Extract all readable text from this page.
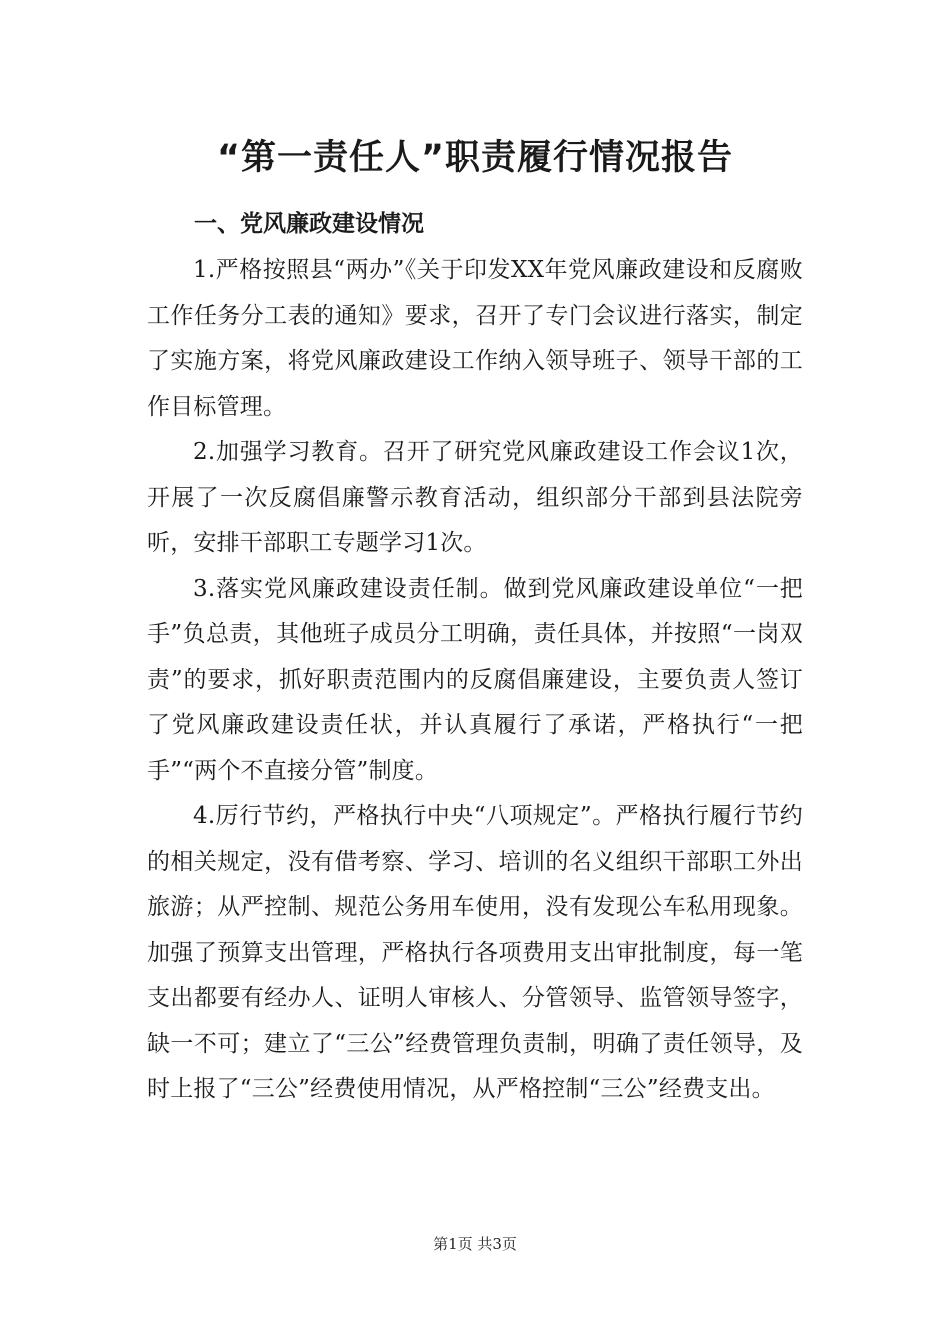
“第一责任人”职责履行情况报告
一、党风廉政建设情况

1.严格按照县“两办”《关于印发XX年党风廉政建设和反腐败工作任务分工表的通知》要求，召开了专门会议进行落实，制定了实施方案，将党风廉政建设工作纳入领导班子、领导干部的工作目标管理。

2.加强学习教育。召开了研究党风廉政建设工作会议1次，开展了一次反腐倡廉警示教育活动，组织部分干部到县法院旁听，安排干部职工专题学习1次。

3.落实党风廉政建设责任制。做到党风廉政建设单位“一把手”负总责，其他班子成员分工明确，责任具体，并按照“一岗双责”的要求，抓好职责范围内的反腐倡廉建设，主要负责人签订了党风廉政建设责任状，并认真履行了承诺，严格执行“一把手”“两个不直接分管”制度。

4.厉行节约，严格执行中央“八项规定”。严格执行履行节约的相关规定，没有借考察、学习、培训的名义组织干部职工外出旅游；从严控制、规范公务用车使用，没有发现公车私用现象。加强了预算支出管理，严格执行各项费用支出审批制度，每一笔支出都要有经办人、证明人审核人、分管领导、监管领导签字，缺一不可；建立了“三公”经费管理负责制，明确了责任领导，及时上报了“三公”经费使用情况，从严格控制“三公”经费支出。

第1页 共3页
